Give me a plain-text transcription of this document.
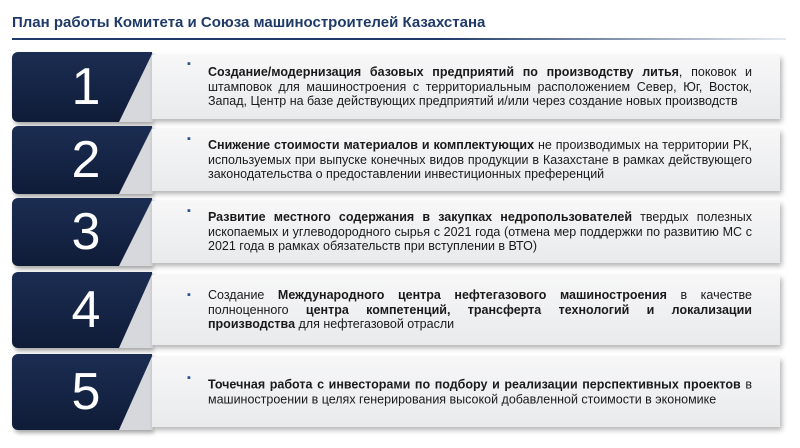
План работы Комитета и Союза машиностроителей Казахстана
1	▪
Создание/модернизация базовых предприятий по производству литья, поковок и штамповок для машиностроения с территориальным расположением Север, Юг, Восток, Запад, Центр на базе действующих предприятий и/или через создание новых производств
2	▪ Снижение стоимости материалов и комплектующих не производимых на территории РК, используемых при выпуске конечных видов продукции в Казахстане в рамках действующего законодательства о предоставлении инвестиционных преференций
3	▪ Развитие местного содержания в закупках недропользователей твердых полезных ископаемых и углеводородного сырья с 2021 года (отмена мер поддержки по развитию МС с 2021 года в рамках обязательств при вступлении в ВТО)
4	▪ Создание Международного центра нефтегазового машиностроения в качестве полноценного центра компетенций, трансферта технологий и локализации производства для нефтегазовой отрасли
5	▪ Точечная работа с инвесторами по подбору и реализации перспективных проектов в машиностроении в целях генерирования высокой добавленной стоимости в экономике
